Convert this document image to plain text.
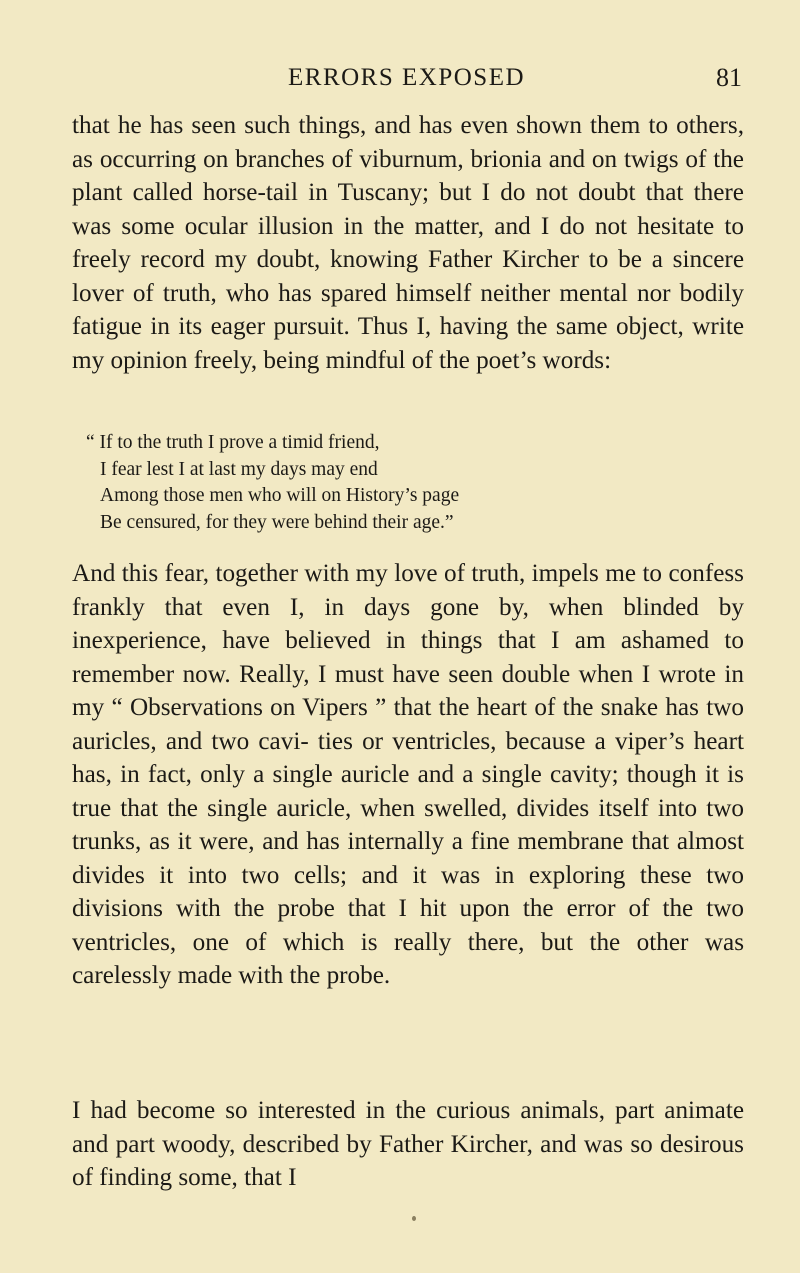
ERRORS EXPOSED	81

that he has seen such things, and has even shown them to others, as occurring on branches of viburnum, brionia and on twigs of the plant called horse-tail in Tuscany; but I do not doubt that there was some ocular illusion in the matter, and I do not hesitate to freely record my doubt, knowing Father Kircher to be a sincere lover of truth, who has spared himself neither mental nor bodily fatigue in its eager pursuit. Thus I, having the same object, write my opinion freely, being mindful of the poet’s words:

“ If to the truth I prove a timid friend,
I fear lest I at last my days may end
Among those men who will on History’s page
Be censured, for they were behind their age.”

And this fear, together with my love of truth, impels me to confess frankly that even I, in days gone by, when blinded by inexperience, have believed in things that I am ashamed to remember now. Really, I must have seen double when I wrote in my “ Observations on Vipers ” that the heart of the snake has two auricles, and two cavi- ties or ventricles, because a viper’s heart has, in fact, only a single auricle and a single cavity; though it is true that the single auricle, when swelled, divides itself into two trunks, as it were, and has internally a fine membrane that almost divides it into two cells; and it was in exploring these two divisions with the probe that I hit upon the error of the two ventricles, one of which is really there, but the other was carelessly made with the probe.

I had become so interested in the curious animals, part animate and part woody, described by Father Kircher, and was so desirous of finding some, that I
